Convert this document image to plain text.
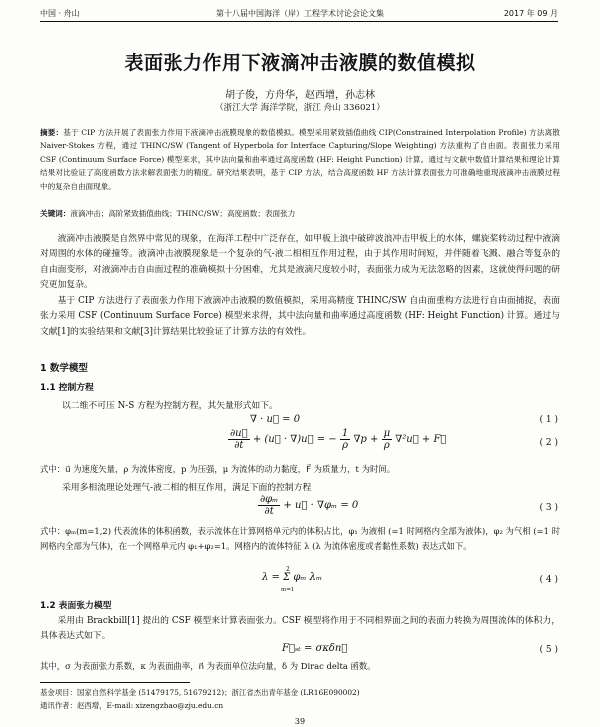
中国 · 舟山	第十八届中国海洋（岸）工程学术讨论会论文集	2017 年 09 月
表面张力作用下液滴冲击液膜的数值模拟
胡子俊，方舟华，赵西增，孙志林
（浙江大学 海洋学院，浙江 舟山 336021）
摘要：基于 CIP 方法开展了表面张力作用下液滴冲击液膜现象的数值模拟。模型采用紧致插值曲线 CIP(Constrained Interpolation Profile) 方法离散 Naiver-Stokes 方程，通过 THINC/SW (Tangent of Hyperbola for Interface Capturing/Slope Weighting) 方法重构了自由面。表面张力采用 CSF (Continuum Surface Force) 模型来求，其中法向量和曲率通过高度函数 (HF: Height Function) 计算。通过与文献中数值计算结果和理论计算结果对比验证了高度函数方法求解表面张力的精度。研究结果表明，基于 CIP 方法，结合高度函数 HF 方法计算表面张力可准确地重现液滴冲击液膜过程中的复杂自由面现象。
关键词：液滴冲击；高阶紧致插值曲线；THINC/SW；高度函数；表面张力
液滴冲击液膜是自然界中常见的现象，在海洋工程中广泛存在，如甲板上浪中破碎波浪冲击甲板上的水体，螺旋桨转动过程中液滴对周围的水体的碰撞等。液滴冲击液膜现象是一个复杂的气-液二相相互作用过程，由于其作用时间短，并伴随着飞溅、融合等复杂的自由面变形，对液滴冲击自由面过程的准确模拟十分困难，尤其是液滴尺度较小时，表面张力成为无法忽略的因素，这就使得问题的研究更加复杂。
基于 CIP 方法进行了表面张力作用下液滴冲击液膜的数值模拟，采用高精度 THINC/SW 自由面重构方法进行自由面捕捉，表面张力采用 CSF (Continuum Surface Force) 模型来求得，其中法向量和曲率通过高度函数 (HF: Height Function) 计算。通过与文献[1]的实验结果和文献[3]计算结果比较验证了计算方法的有效性。
1 数学模型
1.1 控制方程
以二维不可压 N-S 方程为控制方程，其矢量形式如下。
∇ · u⃗ = 0	( 1 )
$\frac{\partial u⃗}{\partial t}$ + (u⃗ · ∇)u⃗ = − $\frac{1}{\rho} \nabla p + \frac{\mu}{\rho}$ ∇²u⃗ + F⃗	( 2 )
式中：u⃗ 为速度矢量，ρ 为流体密度，p 为压强，μ 为流体的动力黏度，F⃗ 为质量力，t 为时间。
采用多相流理论处理气-液二相的相互作用，满足下面的控制方程
$\frac{\text{∂φₘ}}{\partial t}$ + u⃗ · ∇φₘ = 0	( 3 )
式中：φₘ(m=1,2) 代表流体的体积函数，表示流体在计算网格单元内的体积占比，φ₁ 为液相 (=1 时网格内全部为液体)，φ₂ 为气相 (=1 时网格内全部为气体)，在一个网格单元内 φ₁+φ₂=1。网格内的流体特征 λ (λ 为流体密度或者黏性系数) 表达式如下。
λ = Σ φₘ λₘ
2
m=1
( 4 )
1.2 表面张力模型
采用由 Brackbill[1] 提出的 CSF 模型来计算表面张力。CSF 模型将作用于不同相界面之间的表面力转换为周围流体的体积力，具体表达式如下。
F⃗ₛₜ = σκδn⃗	( 5 )
其中，σ 为表面张力系数，κ 为表面曲率，n⃗ 为表面单位法向量，δ 为 Dirac delta 函数。
基金项目：国家自然科学基金 (51479175, 51679212)；浙江省杰出青年基金 (LR16E090002)
通讯作者：赵西增，E-mail: xizengzhao@zju.edu.cn
39
